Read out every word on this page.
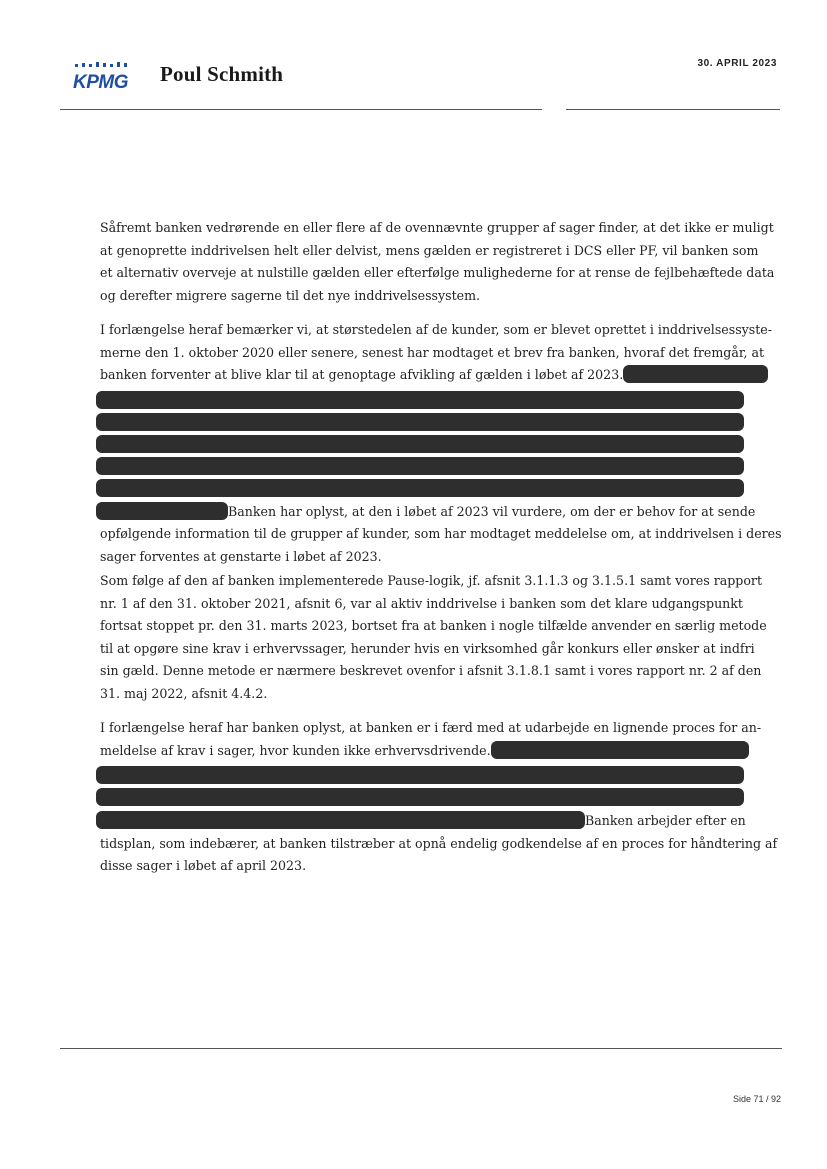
KPMG Poul Schmith	30. APRIL 2023
Såfremt banken vedrørende en eller flere af de ovennævnte grupper af sager finder, at det ikke er muligt
at genoprette inddrivelsen helt eller delvist, mens gælden er registreret i DCS eller PF, vil banken som
et alternativ overveje at nulstille gælden eller efterfølge mulighederne for at rense de fejlbehæftede data
og derefter migrere sagerne til det nye inddrivelsessystem.
I forlængelse heraf bemærker vi, at størstedelen af de kunder, som er blevet oprettet i inddrivelsessyste-
merne den 1. oktober 2020 eller senere, senest har modtaget et brev fra banken, hvoraf det fremgår, at
banken forventer at blive klar til at genoptage afvikling af gælden i løbet af 2023.
Banken har oplyst, at den i løbet af 2023 vil vurdere, om der er behov for at sende
opfølgende information til de grupper af kunder, som har modtaget meddelelse om, at inddrivelsen i deres
sager forventes at genstarte i løbet af 2023.
Som følge af den af banken implementerede Pause-logik, jf. afsnit 3.1.1.3 og 3.1.5.1 samt vores rapport
nr. 1 af den 31. oktober 2021, afsnit 6, var al aktiv inddrivelse i banken som det klare udgangspunkt
fortsat stoppet pr. den 31. marts 2023, bortset fra at banken i nogle tilfælde anvender en særlig metode
til at opgøre sine krav i erhvervssager, herunder hvis en virksomhed går konkurs eller ønsker at indfri
sin gæld. Denne metode er nærmere beskrevet ovenfor i afsnit 3.1.8.1 samt i vores rapport nr. 2 af den
31. maj 2022, afsnit 4.4.2.
I forlængelse heraf har banken oplyst, at banken er i færd med at udarbejde en lignende proces for an-
meldelse af krav i sager, hvor kunden ikke erhvervsdrivende.
Banken arbejder efter en
tidsplan, som indebærer, at banken tilstræber at opnå endelig godkendelse af en proces for håndtering af
disse sager i løbet af april 2023.
Side 71 / 92
